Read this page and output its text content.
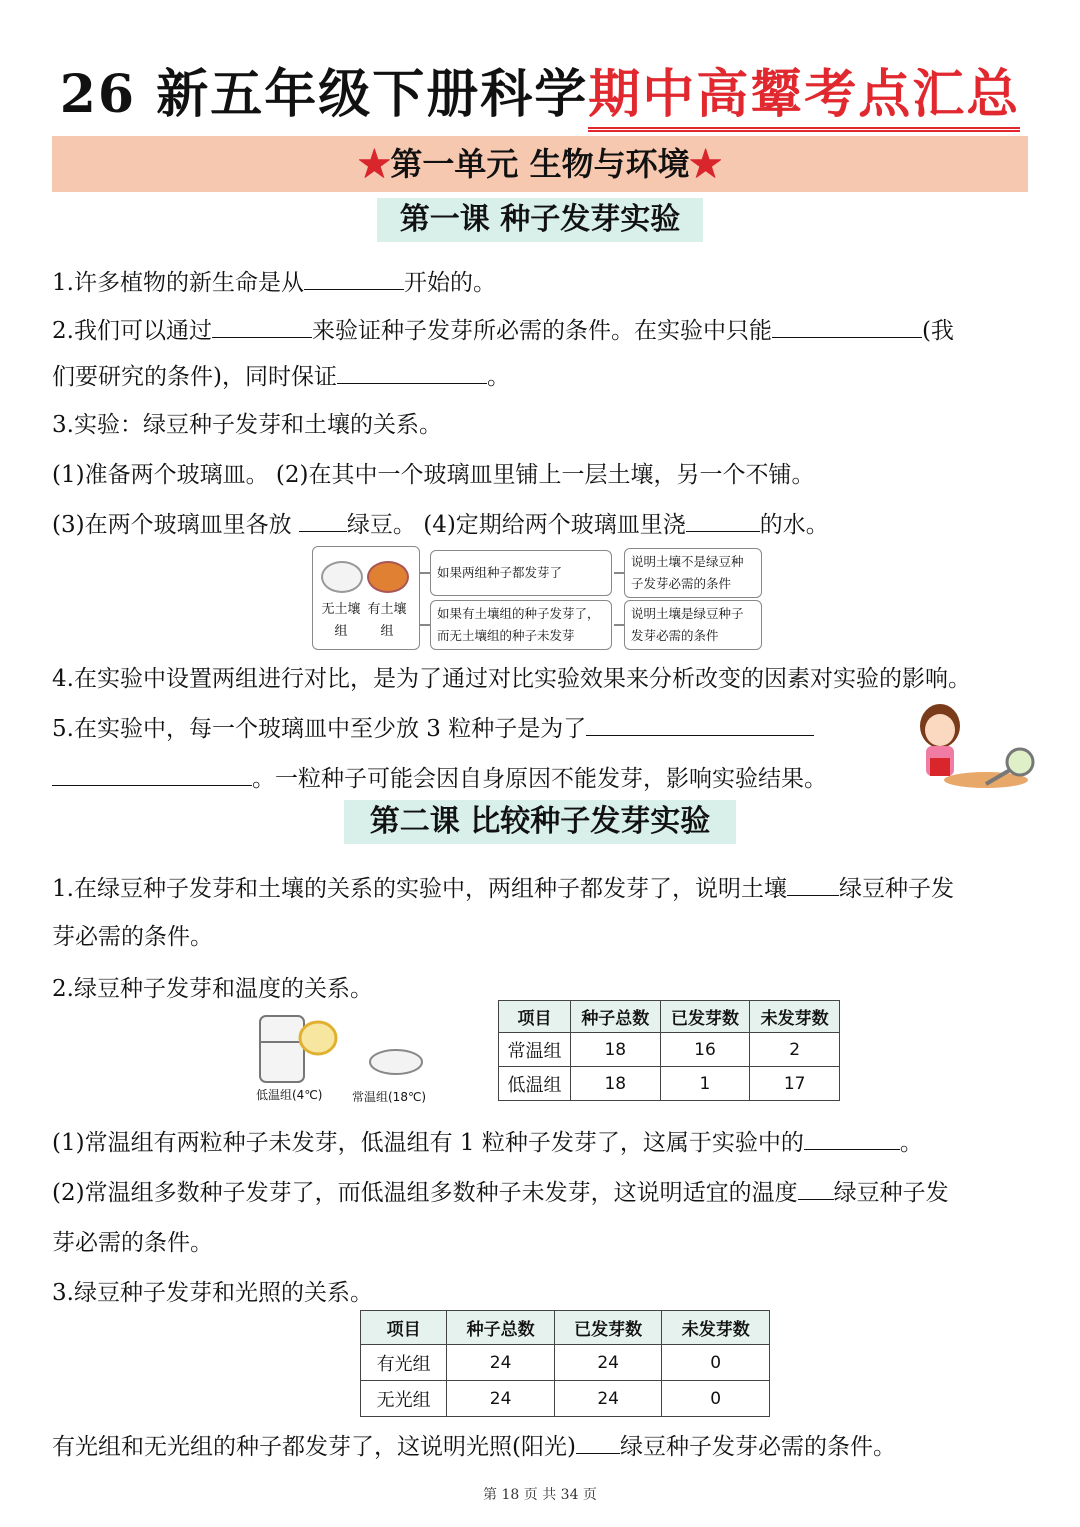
26 新五年级下册科学期中高颦考点汇总
★第一单元 生物与环境★
第一课 种子发芽实验
1.许多植物的新生命是从	开始的。
2.我们可以通过	来验证种子发芽所必需的条件。在实验中只能	(我
们要研究的条件)，同时保证	。
3.实验：绿豆种子发芽和土壤的关系。
(1)准备两个玻璃皿。 (2)在其中一个玻璃皿里铺上一层土壤，另一个不铺。
(3)在两个玻璃皿里各放 绿豆。 (4)定期给两个玻璃皿里浇	的水。
无土壤组
有土壤组
如果两组种子都发芽了
如果有土壤组的种子发芽了，而无土壤组的种子未发芽
说明土壤不是绿豆种子发芽必需的条件
说明土壤是绿豆种子发芽必需的条件
4.在实验中设置两组进行对比，是为了通过对比实验效果来分析改变的因素对实验的影响。
5.在实验中，每一个玻璃皿中至少放 3 粒种子是为了
。一粒种子可能会因自身原因不能发芽，影响实验结果。
第二课 比较种子发芽实验
1.在绿豆种子发芽和土壤的关系的实验中，两组种子都发芽了，说明土壤 绿豆种子发
芽必需的条件。
2.绿豆种子发芽和温度的关系。
低温组(4℃) 常温组(18℃)
项目	种子总数	已发芽数	未发芽数
常温组	18	16	2
低温组	18	1	17
(1)常温组有两粒种子未发芽，低温组有 1 粒种子发芽了，这属于实验中的	。
(2)常温组多数种子发芽了，而低温组多数种子未发芽，这说明适宜的温度 绿豆种子发
芽必需的条件。
3.绿豆种子发芽和光照的关系。
项目	种子总数	已发芽数	未发芽数
有光组	24	24	0
无光组	24	24	0
有光组和无光组的种子都发芽了，这说明光照(阳光) 绿豆种子发芽必需的条件。
第 18 页 共 34 页
